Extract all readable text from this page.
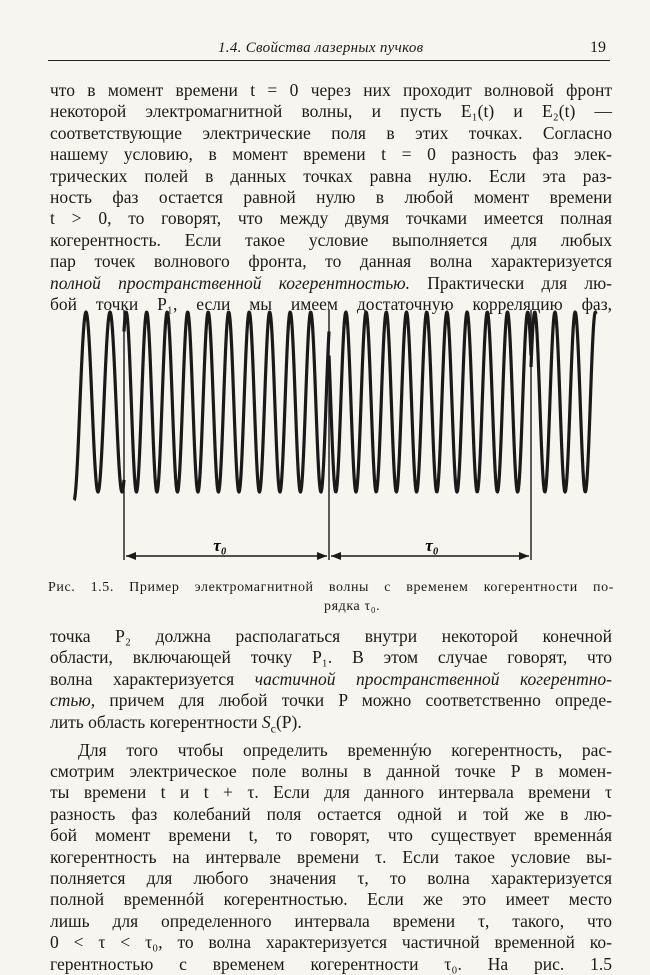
1.4. Свойства лазерных пучков	19
что в момент времени t = 0 через них проходит волновой фронт
некоторой электромагнитной волны, и пусть E₁(t) и E₂(t) —
соответствующие электрические поля в этих точках. Согласно
нашему условию, в момент времени t = 0 разность фаз элек-
трических полей в данных точках равна нулю. Если эта раз-
ность фаз остается равной нулю в любой момент времени
t > 0, то говорят, что между двумя точками имеется полная
когерентность. Если такое условие выполняется для любых
пар точек волнового фронта, то данная волна характеризуется
полной пространственной когерентностью. Практически для лю-
бой точки P₁, если мы имеем достаточную корреляцию фаз,
τ₀	τ₀
Рис. 1.5. Пример электромагнитной волны с временем когерентности по-
рядка τ₀.
точка P₂ должна располагаться внутри некоторой конечной
области, включающей точку P₁. В этом случае говорят, что
волна характеризуется частичной пространственной когерентно-
стью, причем для любой точки P можно соответственно опреде-
лить область когерентности $S_c(P)$.
Для того чтобы определить временнýю когерентность, рас-
смотрим электрическое поле волны в данной точке P в момен-
ты времени t и t + τ. Если для данного интервала времени τ
разность фаз колебаний поля остается одной и той же в лю-
бой момент времени t, то говорят, что существует временнáя
когерентность на интервале времени τ. Если такое условие вы-
полняется для любого значения τ, то волна характеризуется
полной временнóй когерентностью. Если же это имеет место
лишь для определенного интервала времени τ, такого, что
0 < τ < τ₀, то волна характеризуется частичной временной ко-
герентностью с временем когерентности τ₀. На рис. 1.5
